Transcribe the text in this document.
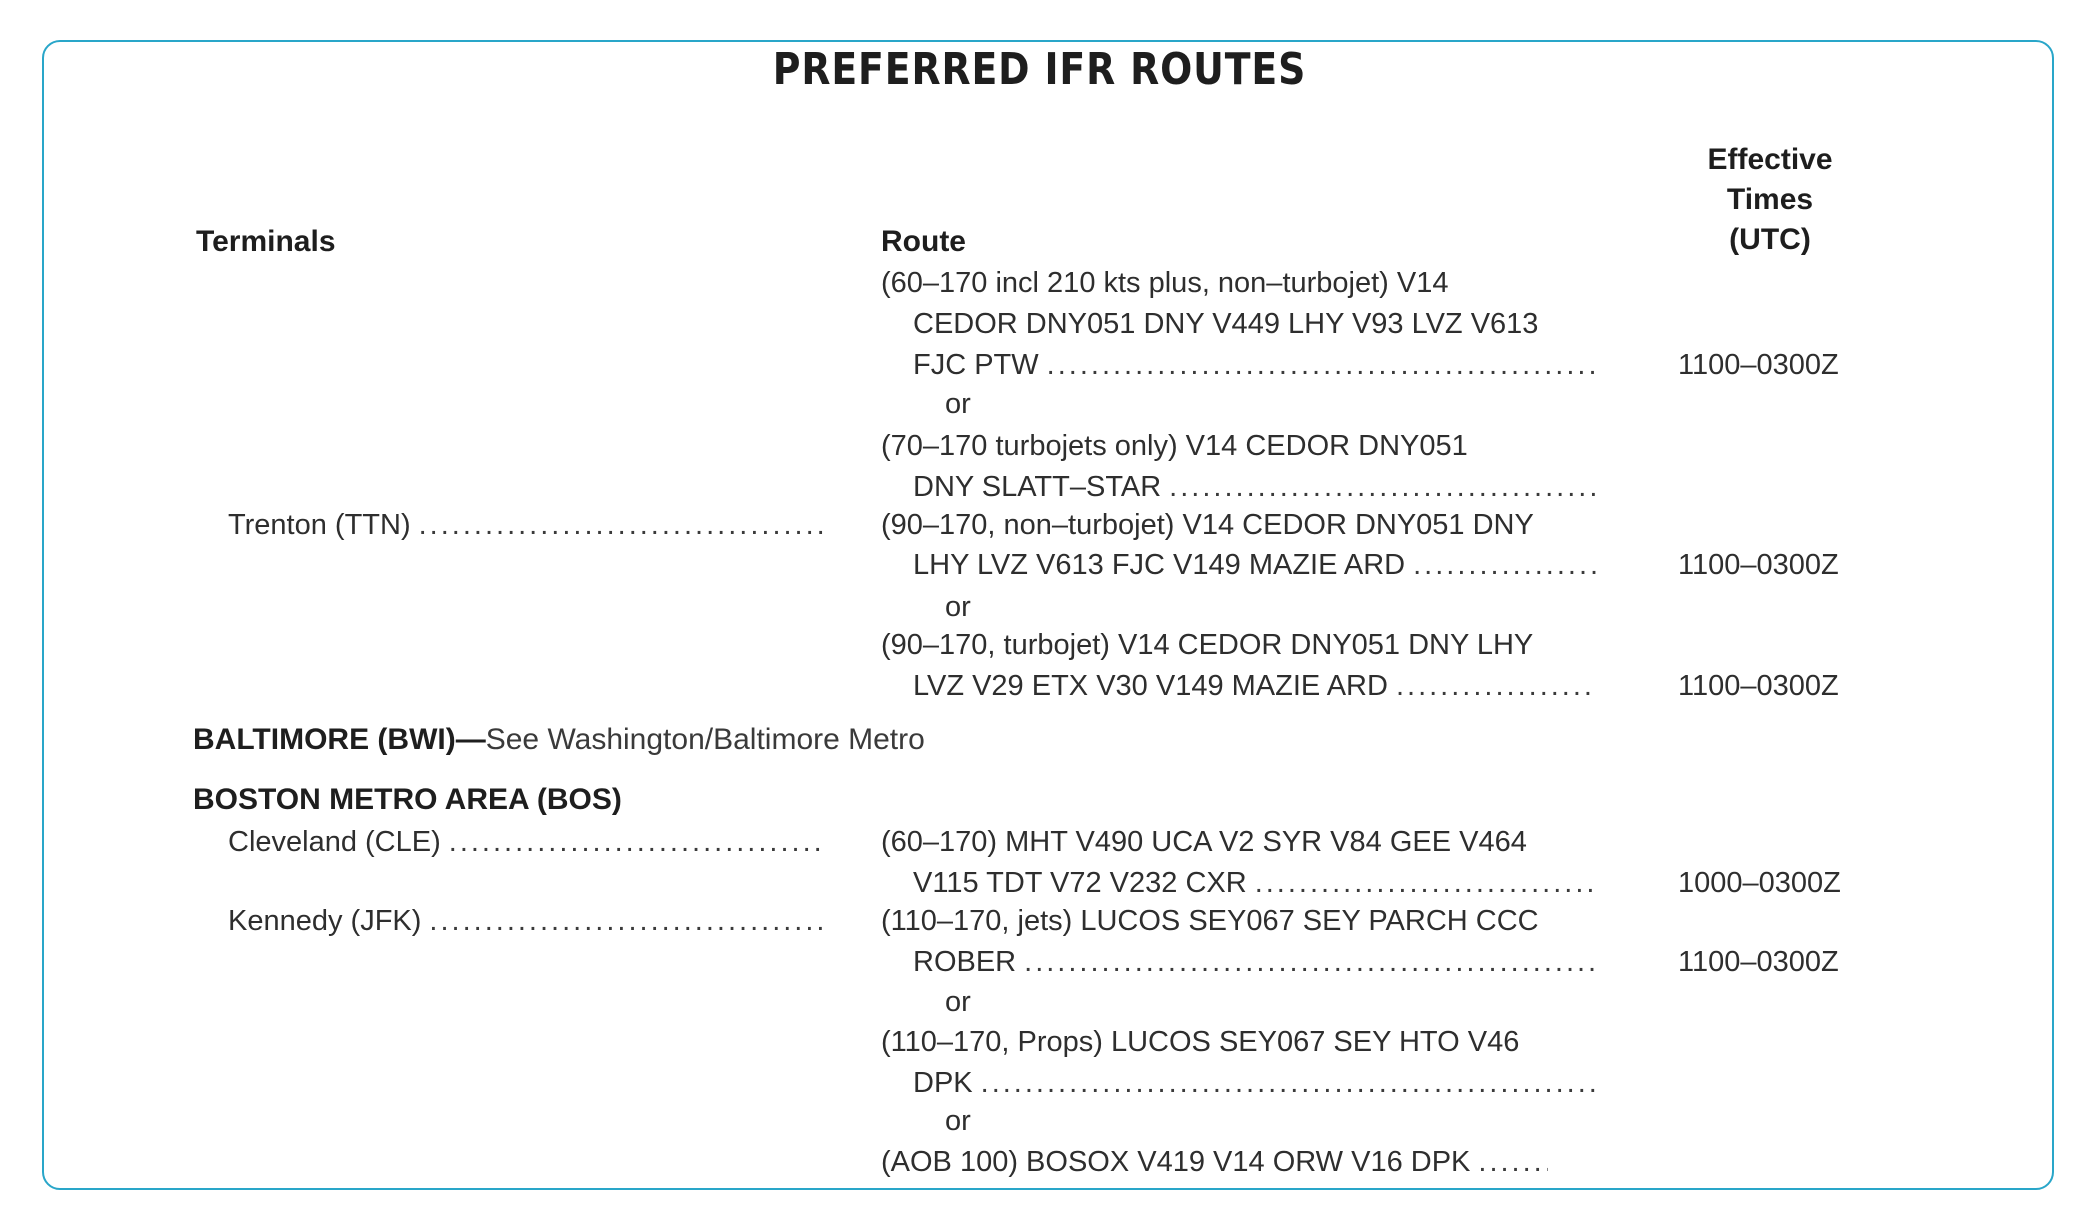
PREFERRED IFR ROUTES
Terminals	Route
Effective
Times
(UTC)
(60–170 incl 210 kts plus, non–turbojet) V14
CEDOR DNY051 DNY V449 LHY V93 LVZ V613
FJC PTW .....	1100–0300Z
or
(70–170 turbojets only) V14 CEDOR DNY051
DNY SLATT–STAR
.....
Trenton (TTN) .....	(90–170, non–turbojet) V14 CEDOR DNY051 DNY
LHY LVZ V613 FJC V149 MAZIE ARD .....	1100–0300Z
or
(90–170, turbojet) V14 CEDOR DNY051 DNY LHY
LVZ V29 ETX V30 V149 MAZIE ARD .....	1100–0300Z
BALTIMORE (BWI)—See Washington/Baltimore Metro
BOSTON METRO AREA (BOS)
Cleveland (CLE) .....	(60–170) MHT V490 UCA V2 SYR V84 GEE V464
V115 TDT V72 V232 CXR .....	1000–0300Z
Kennedy (JFK) .....	(110–170, jets) LUCOS SEY067 SEY PARCH CCC
ROBER .....	1100–0300Z
or
(110–170, Props) LUCOS SEY067 SEY HTO V46
DPK
.....
or
(AOB 100) BOSOX V419 V14 ORW V16 DPK
.....
